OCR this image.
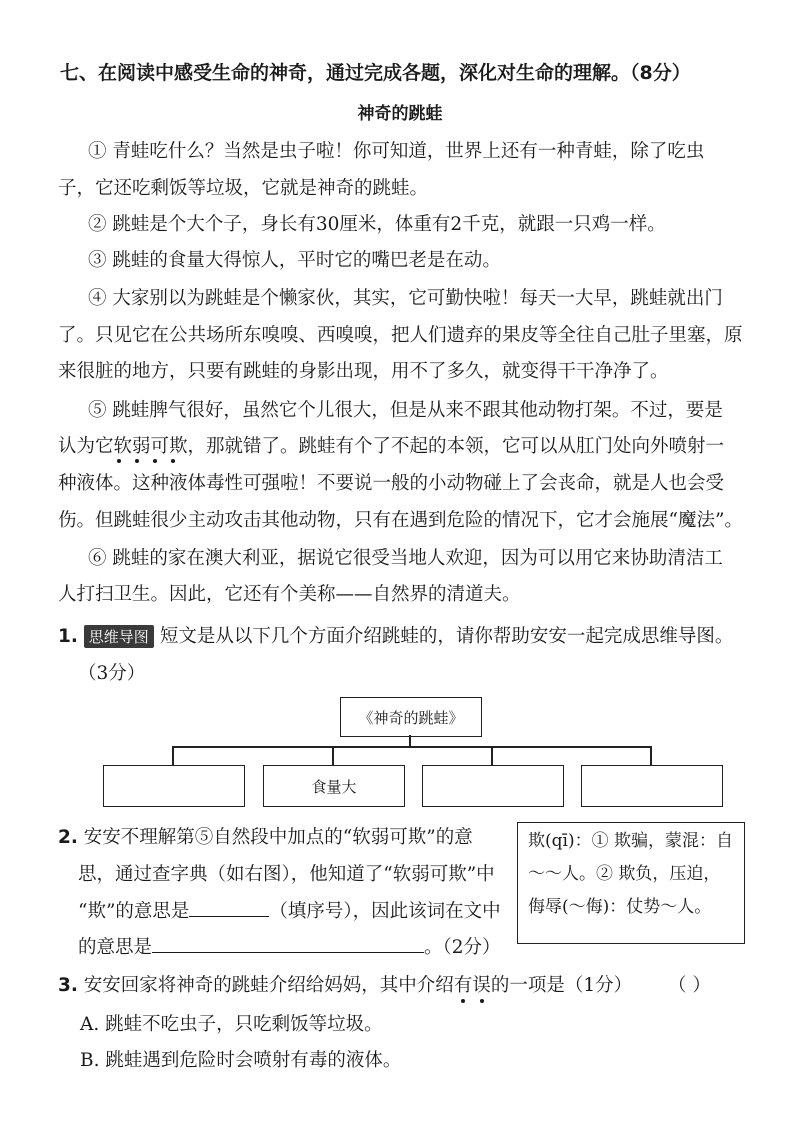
七、在阅读中感受生命的神奇，通过完成各题，深化对生命的理解。（8分）
神奇的跳蛙
① 青蛙吃什么？当然是虫子啦！你可知道，世界上还有一种青蛙，除了吃虫
子，它还吃剩饭等垃圾，它就是神奇的跳蛙。
② 跳蛙是个大个子，身长有30厘米，体重有2千克，就跟一只鸡一样。
③ 跳蛙的食量大得惊人，平时它的嘴巴老是在动。
④ 大家别以为跳蛙是个懒家伙，其实，它可勤快啦！每天一大早，跳蛙就出门
了。只见它在公共场所东嗅嗅、西嗅嗅，把人们遗弃的果皮等全往自己肚子里塞，原
来很脏的地方，只要有跳蛙的身影出现，用不了多久，就变得干干净净了。
⑤ 跳蛙脾气很好，虽然它个儿很大，但是从来不跟其他动物打架。不过，要是
认为它软弱可欺，那就错了。跳蛙有个了不起的本领，它可以从肛门处向外喷射一
种液体。这种液体毒性可强啦！不要说一般的小动物碰上了会丧命，就是人也会受
伤。但跳蛙很少主动攻击其他动物，只有在遇到危险的情况下，它才会施展“魔法”。
⑥ 跳蛙的家在澳大利亚，据说它很受当地人欢迎，因为可以用它来协助清洁工
人打扫卫生。因此，它还有个美称——自然界的清道夫。
1. 思维导图 短文是从以下几个方面介绍跳蛙的，请你帮助安安一起完成思维导图。
（3分）
《神奇的跳蛙》
食量大
2. 安安不理解第⑤自然段中加点的“软弱可欺”的意
思，通过查字典（如右图），他知道了“软弱可欺”中
“欺”的意思是	（填序号），因此该词在文中
的意思是	。（2分）
欺(qī)：① 欺骗，蒙混：自～～人。② 欺负，压迫，侮辱(～侮)：仗势～人。
3. 安安回家将神奇的跳蛙介绍给妈妈，其中介绍有误的一项是（1分） （ ）
A. 跳蛙不吃虫子，只吃剩饭等垃圾。
B. 跳蛙遇到危险时会喷射有毒的液体。
